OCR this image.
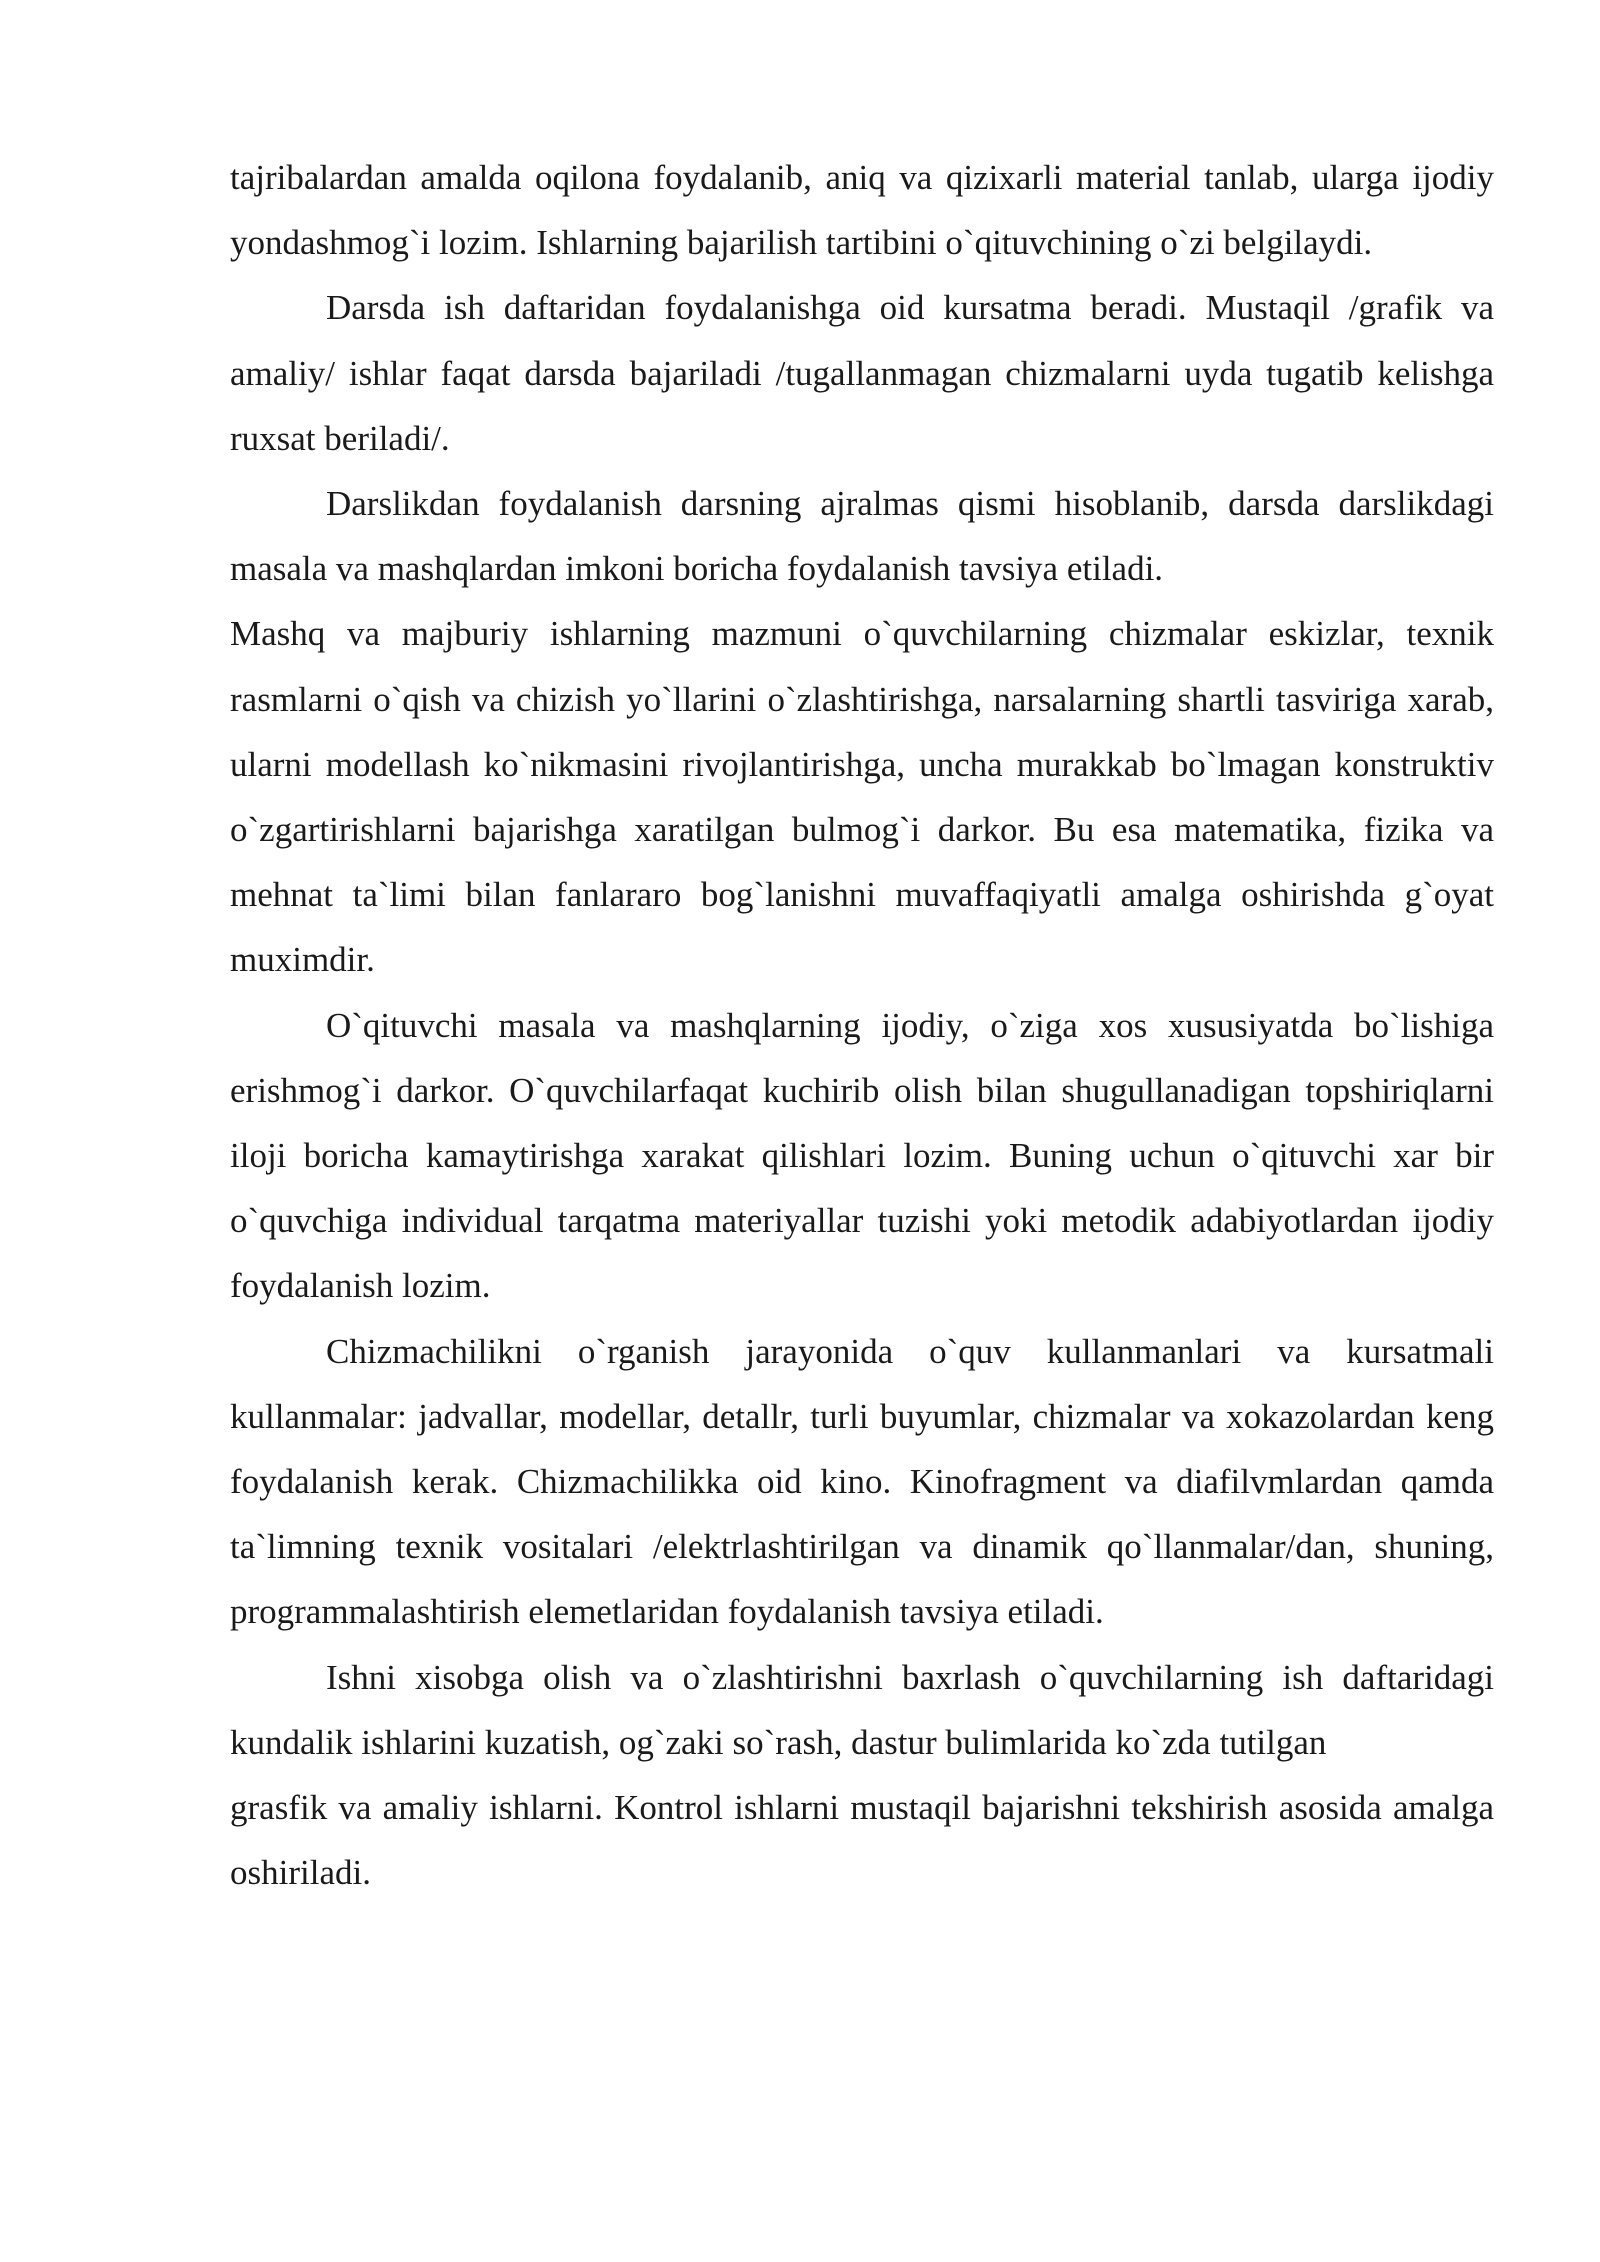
tajribalardan amalda oqilona foydalanib, aniq va qizixarli material tanlab, ularga ijodiy yondashmog`i lozim. Ishlarning bajarilish tartibini o`qituvchining o`zi belgilaydi.

Darsda ish daftaridan foydalanishga oid kursatma beradi. Mustaqil /grafik va amaliy/ ishlar faqat darsda bajariladi /tugallanmagan chizmalarni uyda tugatib kelishga ruxsat beriladi/.

Darslikdan foydalanish darsning ajralmas qismi hisoblanib, darsda darslikdagi masala va mashqlardan imkoni boricha foydalanish tavsiya etiladi.

Mashq va majburiy ishlarning mazmuni o`quvchilarning chizmalar eskizlar, texnik rasmlarni o`qish va chizish yo`llarini o`zlashtirishga, narsalarning shartli tasviriga xarab, ularni modellash ko`nikmasini rivojlantirishga, uncha murakkab bo`lmagan konstruktiv o`zgartirishlarni bajarishga xaratilgan bulmog`i darkor. Bu esa matematika, fizika va mehnat ta`limi bilan fanlararo bog`lanishni muvaffaqiyatli amalga oshirishda g`oyat muximdir.

O`qituvchi masala va mashqlarning ijodiy, o`ziga xos xususiyatda bo`lishiga erishmog`i darkor. O`quvchilarfaqat kuchirib olish bilan shugullanadigan topshiriqlarni iloji boricha kamaytirishga xarakat qilishlari lozim. Buning uchun o`qituvchi xar bir o`quvchiga individual tarqatma materiyallar tuzishi yoki metodik adabiyotlardan ijodiy foydalanish lozim.

Chizmachilikni o`rganish jarayonida o`quv kullanmanlari va kursatmali kullanmalar: jadvallar, modellar, detallr, turli buyumlar, chizmalar va xokazolardan keng foydalanish kerak. Chizmachilikka oid kino. Kinofragment va diafilvmlardan qamda ta`limning texnik vositalari /elektrlashtirilgan va dinamik qo`llanmalar/dan, shuning, programmalashtirish elemetlaridan foydalanish tavsiya etiladi.

Ishni xisobga olish va o`zlashtirishni baxrlash o`quvchilarning ish daftaridagi kundalik ishlarini kuzatish, og`zaki so`rash, dastur bulimlarida ko`zda tutilgan

grasfik va amaliy ishlarni. Kontrol ishlarni mustaqil bajarishni tekshirish asosida amalga oshiriladi.
